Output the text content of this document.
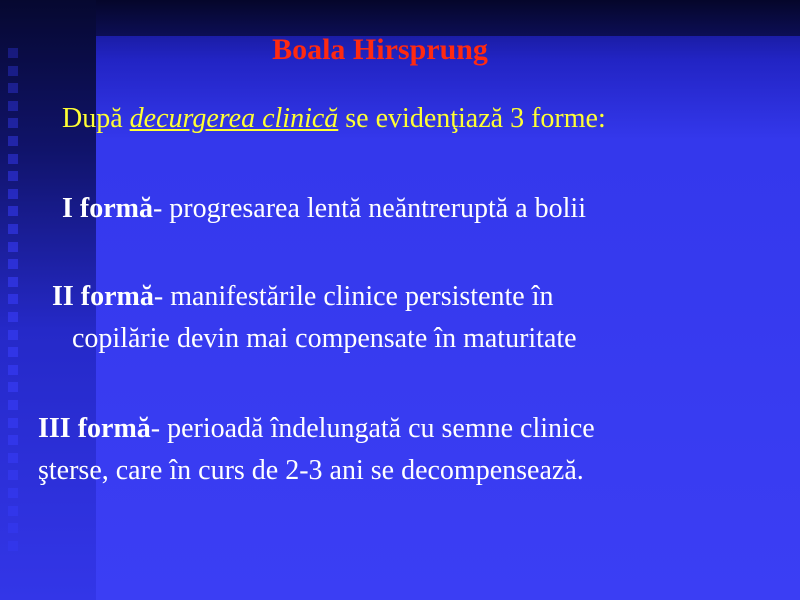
Boala Hirsprung
După decurgerea clinică se evidenţiază 3 forme:
I formă- progresarea lentă neăntreruptă a bolii
II formă- manifestările clinice persistente în
copilărie devin mai compensate în maturitate
III formă- perioadă îndelungată cu semne clinice
şterse, care în curs de 2-3 ani se decompensează.
